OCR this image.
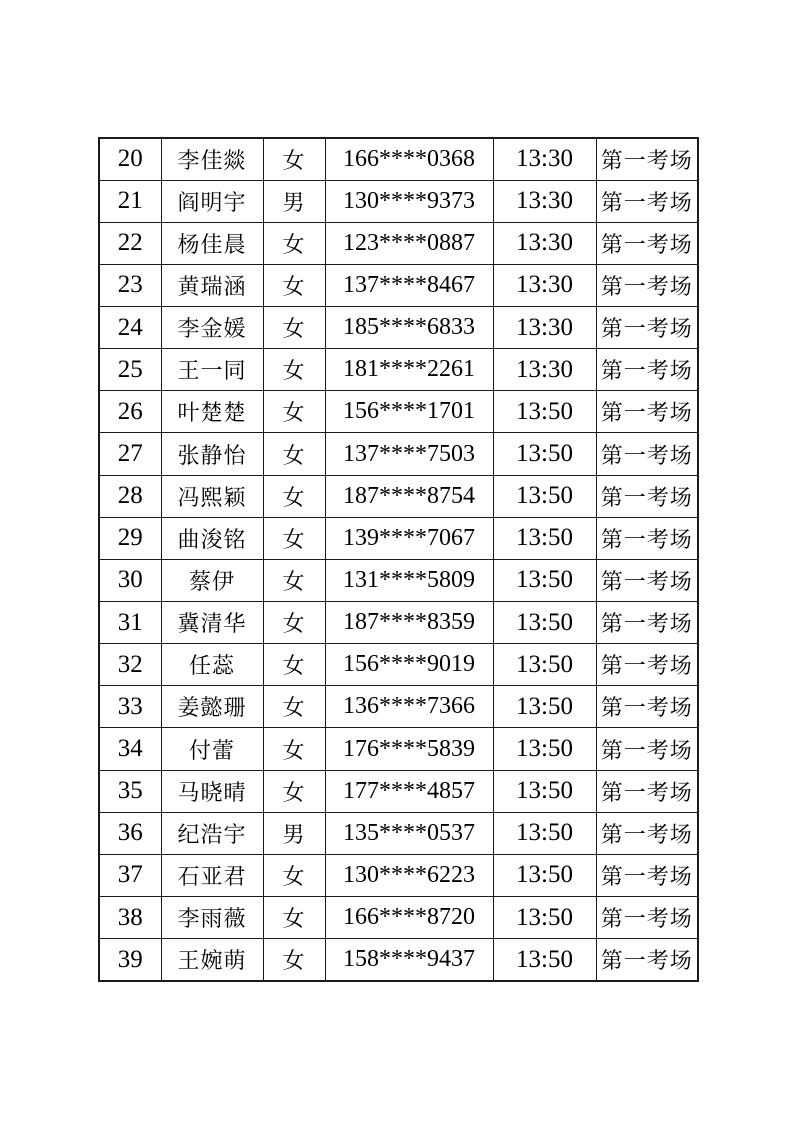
20	李佳燚	女	166****0368	13:30	第一考场
21	阎明宇	男	130****9373	13:30	第一考场
22	杨佳晨	女	123****0887	13:30	第一考场
23	黄瑞涵	女	137****8467	13:30	第一考场
24	李金媛	女	185****6833	13:30	第一考场
25	王一同	女	181****2261	13:30	第一考场
26	叶楚楚	女	156****1701	13:50	第一考场
27	张静怡	女	137****7503	13:50	第一考场
28	冯熙颖	女	187****8754	13:50	第一考场
29	曲浚铭	女	139****7067	13:50	第一考场
30	蔡伊	女	131****5809	13:50	第一考场
31	冀清华	女	187****8359	13:50	第一考场
32	任蕊	女	156****9019	13:50	第一考场
33	姜懿珊	女	136****7366	13:50	第一考场
34	付蕾	女	176****5839	13:50	第一考场
35	马晓晴	女	177****4857	13:50	第一考场
36	纪浩宇	男	135****0537	13:50	第一考场
37	石亚君	女	130****6223	13:50	第一考场
38	李雨薇	女	166****8720	13:50	第一考场
39	王婉萌	女	158****9437	13:50	第一考场
